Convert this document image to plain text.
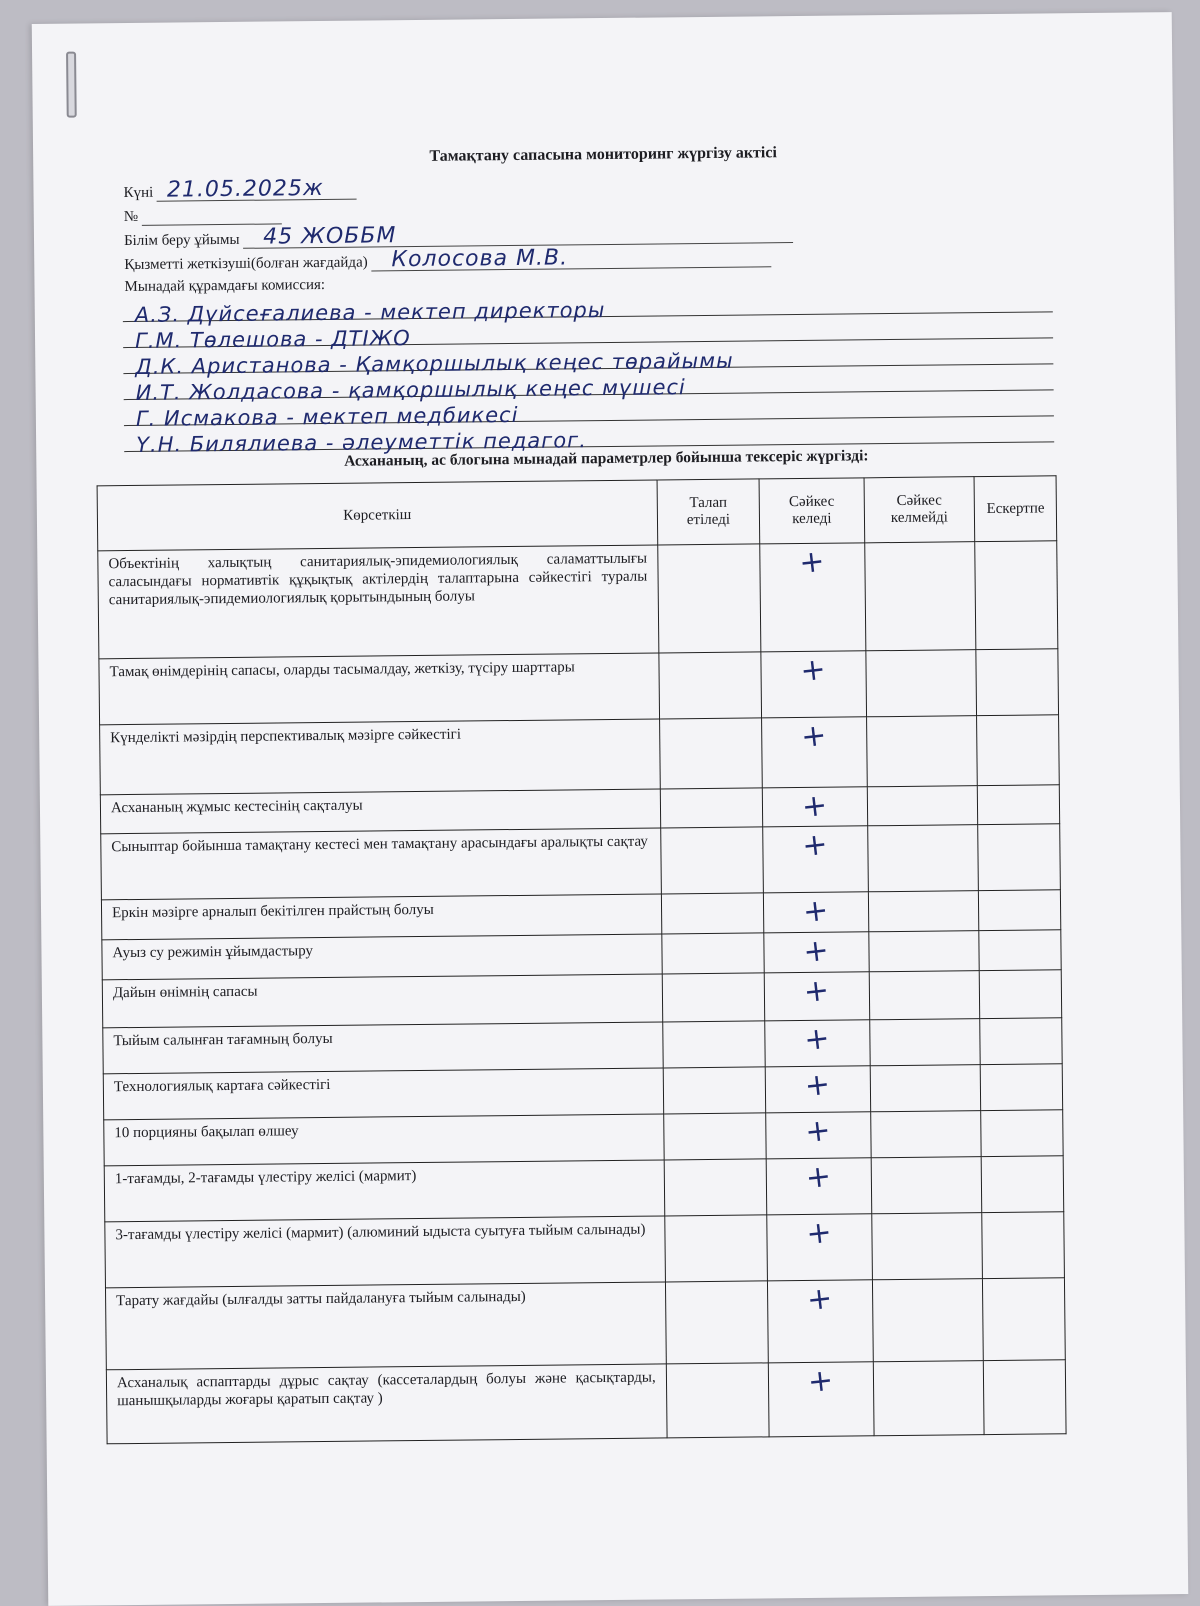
Тамақтану сапасына мониторинг жүргізу актісі
Күні 21.05.2025ж
№
Білім беру ұйымы 45 ЖОББМ
Қызметті жеткізуші(болған жағдайда) Колосова М.В.
Мынадай құрамдағы комиссия:
А.З. Дүйсеғалиева - мектеп директоры
Г.М. Төлешова - ДТІЖО
Д.К. Аристанова - Қамқоршылық кеңес төрайымы
И.Т. Жолдасова - қамқоршылық кеңес мүшесі
Г. Исмакова - мектеп медбикесі
Ү.Н. Билялиева - әлеуметтік педагог.
Асхананың, ас блогына мынадай параметрлер бойынша тексеріс жүргізді:
Көрсеткіш	Талап етіледі	Сәйкес келеді	Сәйкес келмейді	Ескертпе
Объектінің халықтың санитариялық-эпидемиологиялық саламаттылығы саласындағы нормативтік құқықтық актілердің талаптарына сәйкестігі туралы санитариялық-эпидемиологиялық қорытындының болуы		+		
Тамақ өнімдерінің сапасы, оларды тасымалдау, жеткізу, түсіру шарттары		+		
Күнделікті мәзірдің перспективалық мәзірге сәйкестігі		+		
Асхананың жұмыс кестесінің сақталуы		+		
Сыныптар бойынша тамақтану кестесі мен тамақтану арасындағы аралықты сақтау		+		
Еркін мәзірге арналып бекітілген прайстың болуы		+		
Ауыз су режимін ұйымдастыру		+		
Дайын өнімнің сапасы		+		
Тыйым салынған тағамның болуы		+		
Технологиялық картаға сәйкестігі		+		
10 порцияны бақылап өлшеу		+		
1-тағамды, 2-тағамды үлестіру желісі (мармит)		+		
3-тағамды үлестіру желісі (мармит) (алюминий ыдыста суытуға тыйым салынады)		+		
Тарату жағдайы (ылғалды затты пайдалануға тыйым салынады)		+		
Асханалық аспаптарды дұрыс сақтау (кассеталардың болуы және қасықтарды, шанышқыларды жоғары қаратып сақтау )		+		
